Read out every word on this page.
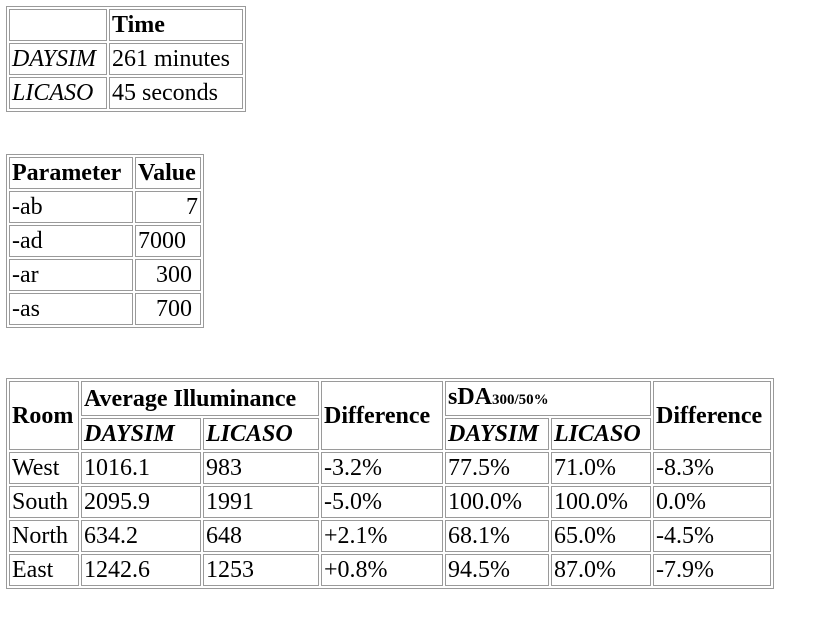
	Time
DAYSIM	261 minutes
LICASO	45 seconds
Parameter	Value
-ab	7
-ad	7000
-ar	300
-as	700
Room	Average Illuminance		Difference	sDA300/50%		Difference
	DAYSIM	LICASO		DAYSIM	LICASO	
West	1016.1	983	-3.2%	77.5%	71.0%	-8.3%
South	2095.9	1991	-5.0%	100.0%	100.0%	0.0%
North	634.2	648	+2.1%	68.1%	65.0%	-4.5%
East	1242.6	1253	+0.8%	94.5%	87.0%	-7.9%
